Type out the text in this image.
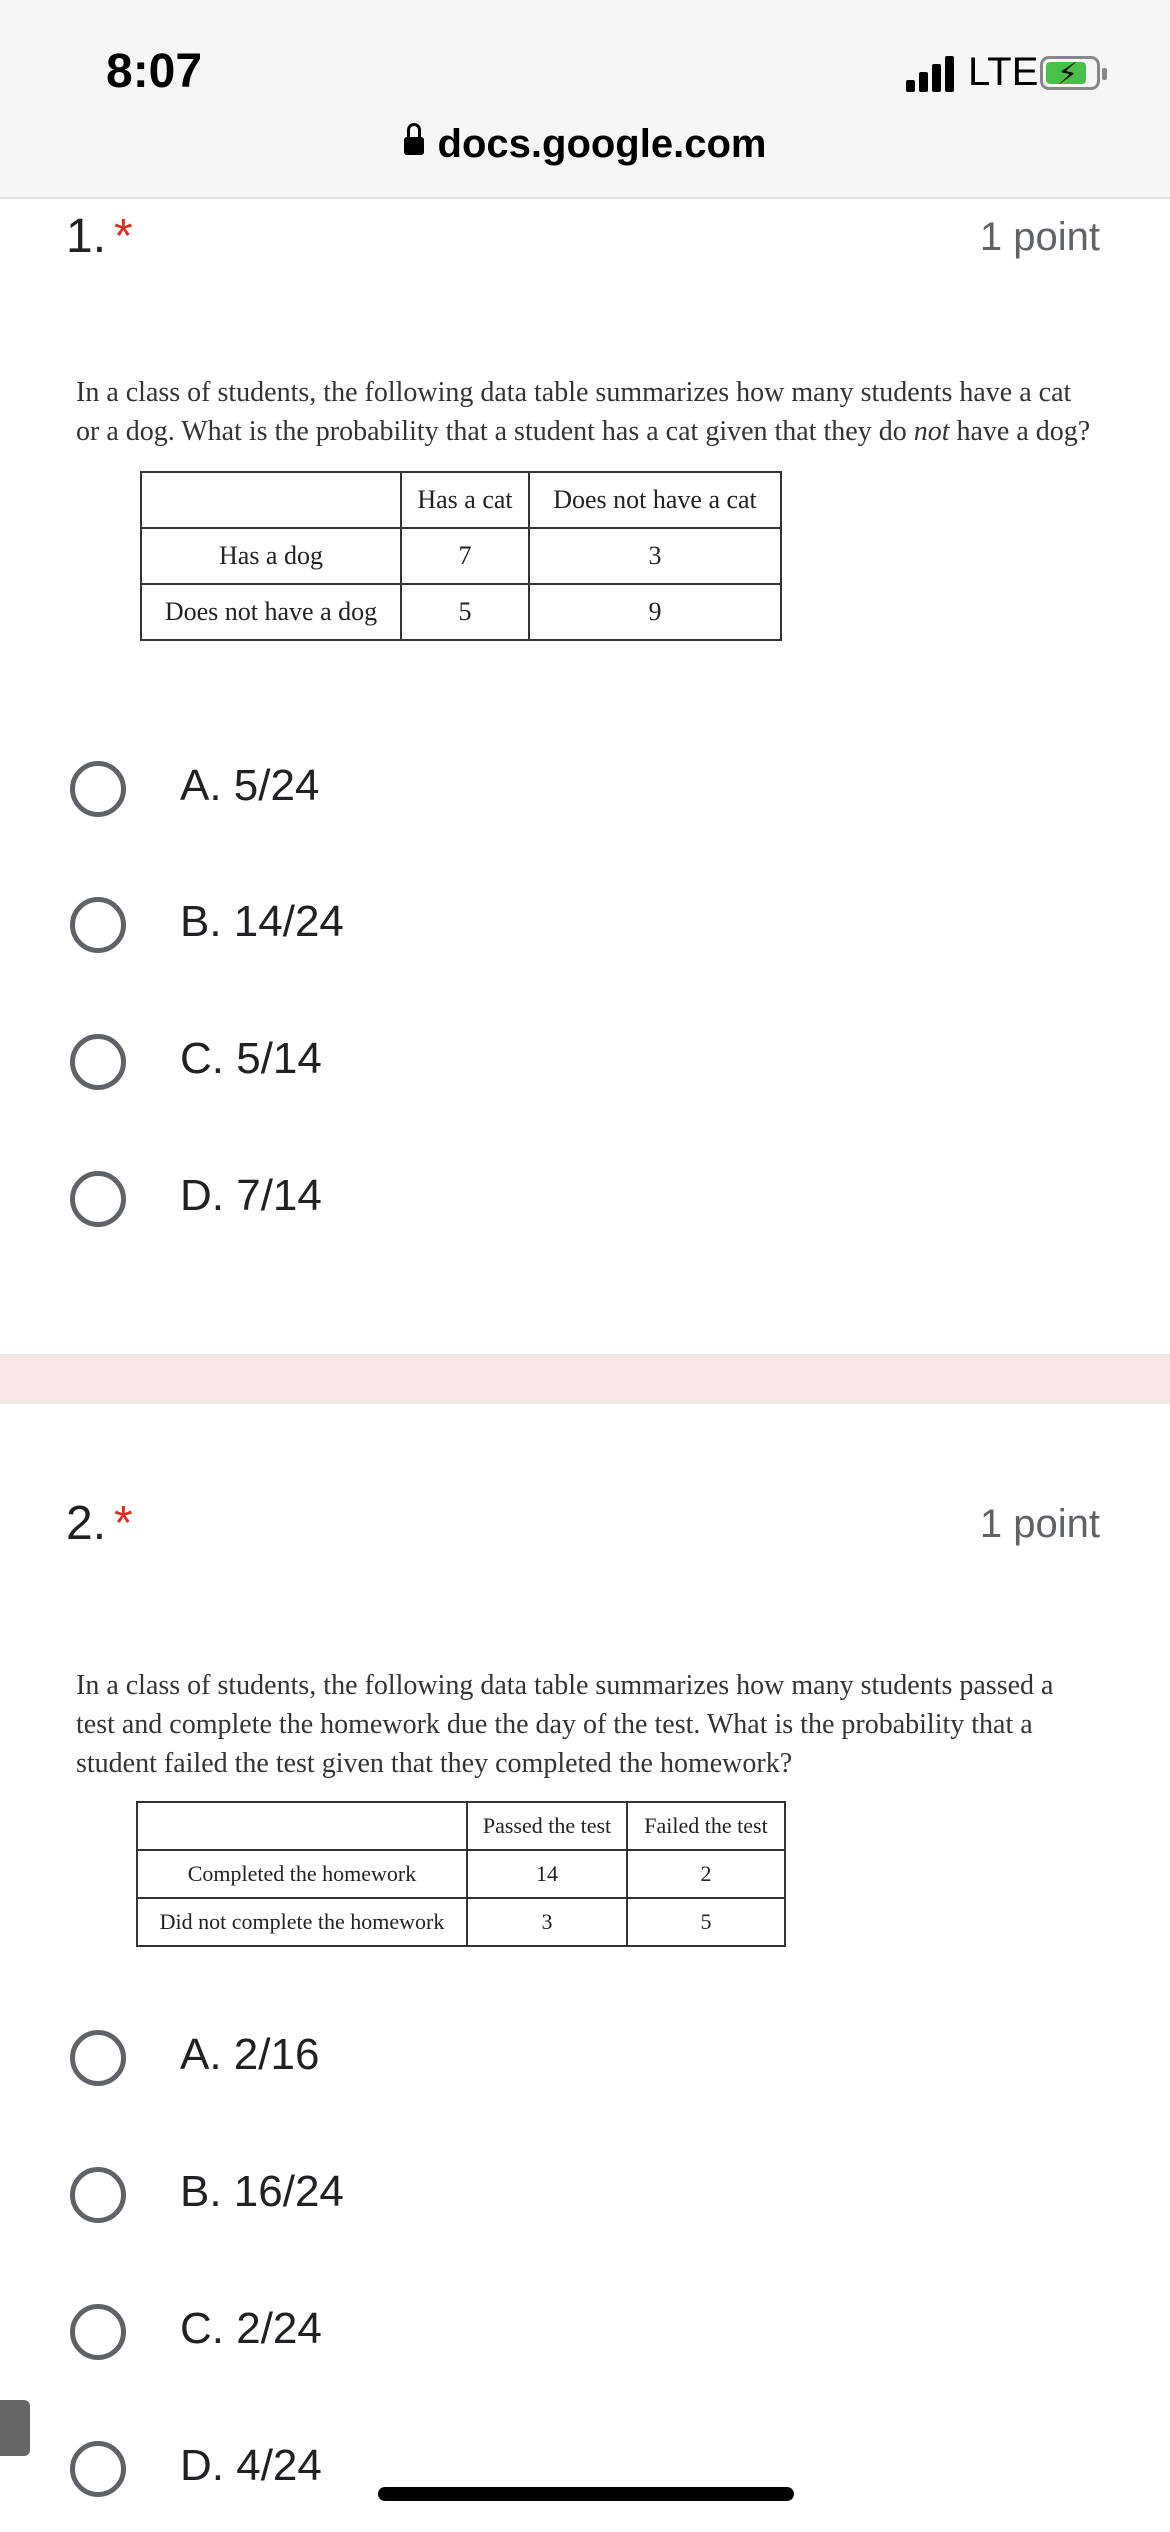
8:07	LTE ⚡
docs.google.com
1. *	1 point
In a class of students, the following data table summarizes how many students have a cat or a dog. What is the probability that a student has a cat given that they do not have a dog?
	Has a cat	Does not have a cat
Has a dog	7	3
Does not have a dog	5	9
A. 5/24
B. 14/24
C. 5/14
D. 7/14
2. *	1 point
In a class of students, the following data table summarizes how many students passed a test and complete the homework due the day of the test. What is the probability that a student failed the test given that they completed the homework?
	Passed the test	Failed the test
Completed the homework	14	2
Did not complete the homework	3	5
A. 2/16
B. 16/24
C. 2/24
D. 4/24
